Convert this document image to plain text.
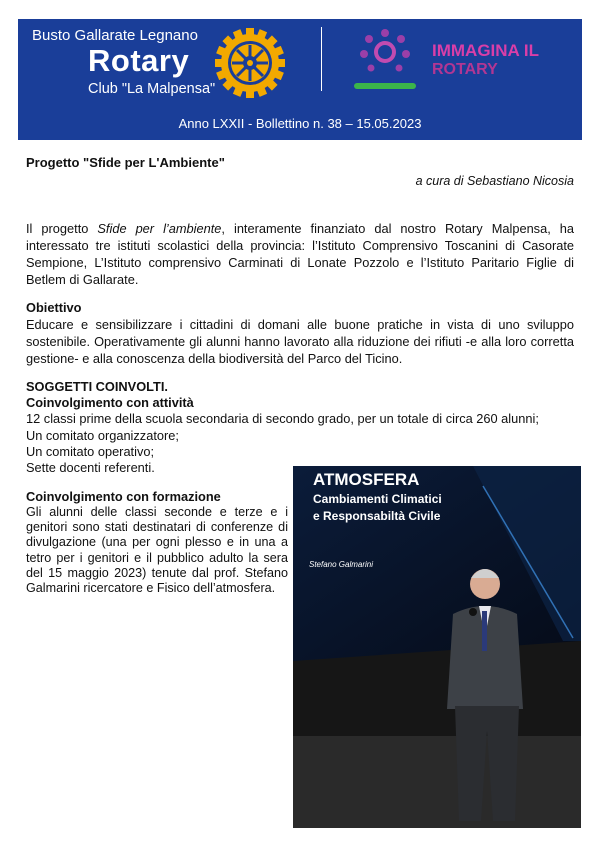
Busto Gallarate Legnano
Rotary
Club "La Malpensa"
IMMAGINA IL
ROTARY
Anno LXXII - Bollettino n. 38 – 15.05.2023
Progetto "Sfide per L'Ambiente"
a cura di Sebastiano Nicosia
Il progetto Sfide per l’ambiente, interamente finanziato dal nostro Rotary Malpensa, ha interessato tre istituti scolastici della provincia: l’Istituto Comprensivo Toscanini di Casorate Sempione, L’Istituto comprensivo Carminati di Lonate Pozzolo e l’Istituto Paritario Figlie di Betlem di Gallarate.
Obiettivo
Educare e sensibilizzare i cittadini di domani alle buone pratiche in vista di uno sviluppo sostenibile. Operativamente gli alunni hanno lavorato alla riduzione dei rifiuti -e alla loro corretta gestione- e alla conoscenza della biodiversità del Parco del Ticino.
SOGGETTI COINVOLTI.
Coinvolgimento con attività
12 classi prime della scuola secondaria di secondo grado, per un totale di circa 260 alunni;
Un comitato organizzatore;
Un comitato operativo;
Sette docenti referenti.
Coinvolgimento con formazione
Gli alunni delle classi seconde e terze e i genitori sono stati destinatari di conferenze di divulgazione (una per ogni plesso e in una a tetro per i genitori e il pubblico adulto la sera del 15 maggio 2023) tenute dal prof. Stefano Galmarini ricercatore e Fisico dell’atmosfera.
ATMOSFERA
Cambiamenti Climatici
e Responsabiltà Civile
Stefano Galmarini
